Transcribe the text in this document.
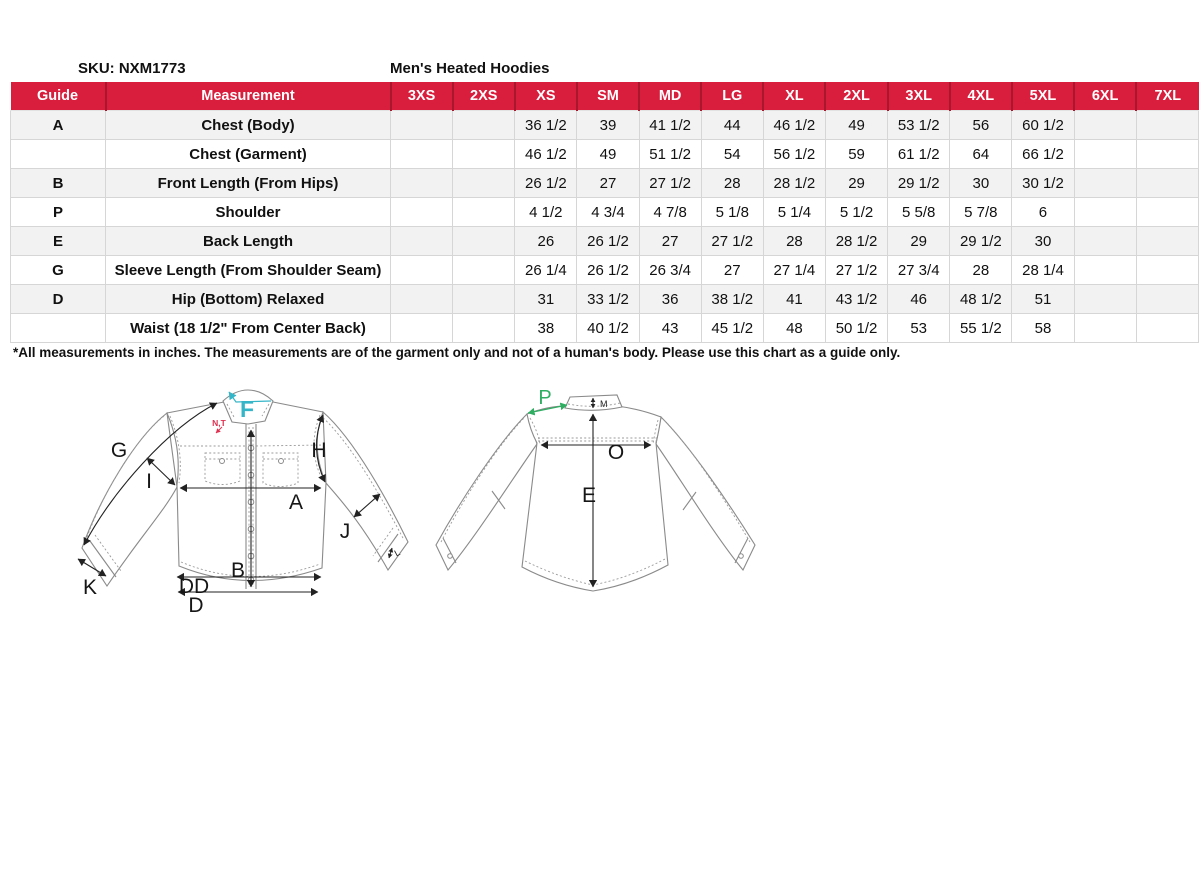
SKU: NXM1773	Men's Heated Hoodies
Guide	Measurement	3XS	2XS	XS	SM	MD	LG	XL	2XL	3XL	4XL	5XL	6XL	7XL
A	Chest (Body)			36 1/2	39	41 1/2	44	46 1/2	49	53 1/2	56	60 1/2		
	Chest (Garment)			46 1/2	49	51 1/2	54	56 1/2	59	61 1/2	64	66 1/2		
B	Front Length (From Hips)			26 1/2	27	27 1/2	28	28 1/2	29	29 1/2	30	30 1/2		
P	Shoulder			4 1/2	4 3/4	4 7/8	5 1/8	5 1/4	5 1/2	5 5/8	5 7/8	6		
E	Back Length			26	26 1/2	27	27 1/2	28	28 1/2	29	29 1/2	30		
G	Sleeve Length (From Shoulder Seam)			26 1/4	26 1/2	26 3/4	27	27 1/4	27 1/2	27 3/4	28	28 1/4		
D	Hip (Bottom) Relaxed			31	33 1/2	36	38 1/2	41	43 1/2	46	48 1/2	51		
	Waist (18 1/2" From Center Back)			38	40 1/2	43	45 1/2	48	50 1/2	53	55 1/2	58		
*All measurements in inches. The measurements are of the garment only and not of a human's body. Please use this chart as a guide only.
G
I
H
A
B
J
K	DD
D
F
N,T
L
P	M
O
E
